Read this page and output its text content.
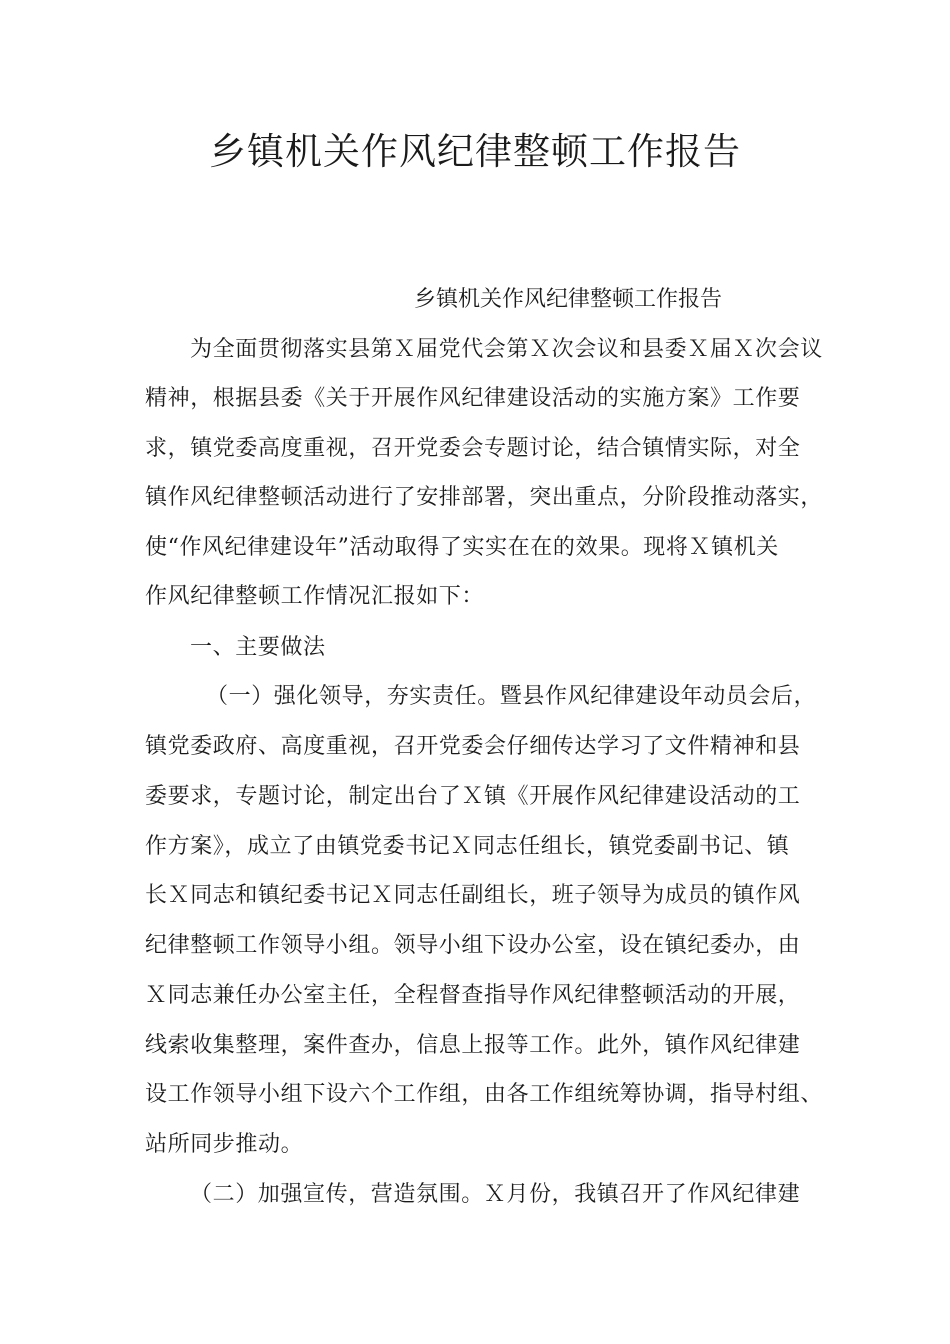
乡镇机关作风纪律整顿工作报告
乡镇机关作风纪律整顿工作报告
为全面贯彻落实县第Ｘ届党代会第Ｘ次会议和县委Ｘ届Ｘ次会议
精神，根据县委《关于开展作风纪律建设活动的实施方案》工作要
求，镇党委高度重视，召开党委会专题讨论，结合镇情实际，对全
镇作风纪律整顿活动进行了安排部署，突出重点，分阶段推动落实，
使“作风纪律建设年”活动取得了实实在在的效果。现将Ｘ镇机关
作风纪律整顿工作情况汇报如下：
一、主要做法
（一）强化领导，夯实责任。暨县作风纪律建设年动员会后，
镇党委政府、高度重视，召开党委会仔细传达学习了文件精神和县
委要求，专题讨论，制定出台了Ｘ镇《开展作风纪律建设活动的工
作方案》，成立了由镇党委书记Ｘ同志任组长，镇党委副书记、镇
长Ｘ同志和镇纪委书记Ｘ同志任副组长，班子领导为成员的镇作风
纪律整顿工作领导小组。领导小组下设办公室，设在镇纪委办，由
Ｘ同志兼任办公室主任，全程督查指导作风纪律整顿活动的开展，
线索收集整理，案件查办，信息上报等工作。此外，镇作风纪律建
设工作领导小组下设六个工作组，由各工作组统筹协调，指导村组、
站所同步推动。
（二）加强宣传，营造氛围。Ｘ月份，我镇召开了作风纪律建
